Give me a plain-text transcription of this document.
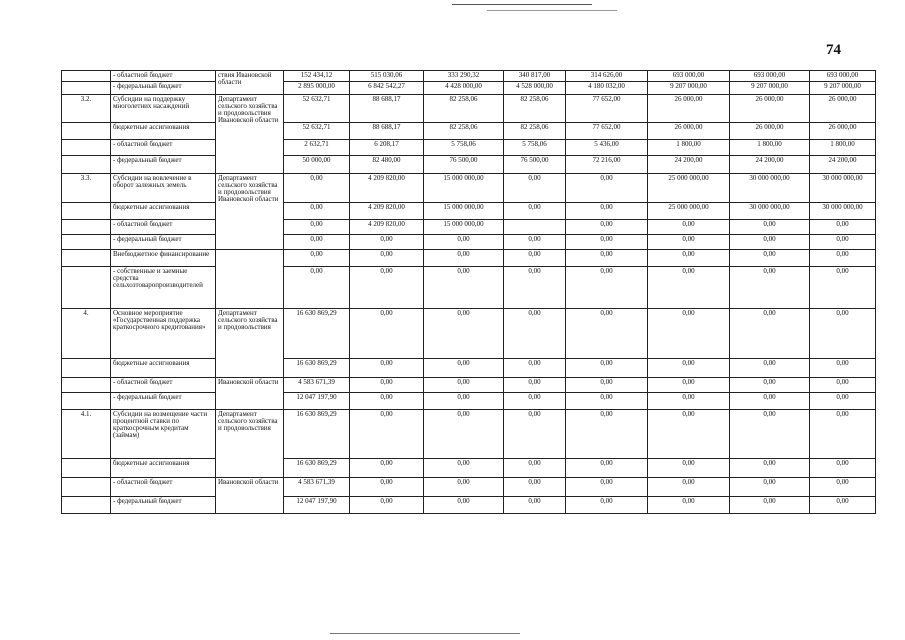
74
	- областной бюджет	ствия Ивановской области	152 434,12	515 030,06	333 290,32	340 817,00	314 626,00	693 000,00	693 000,00	693 000,00
	- федеральный бюджет		2 895 000,00	6 842 542,27	4 428 000,00	4 528 000,00	4 180 032,00	9 207 000,00	9 207 000,00	9 207 000,00
3.2.	Субсидии на поддержку многолетних насаждений	Департамент сельского хозяйства и продовольствия Ивановской области	52 632,71	88 688,17	82 258,06	82 258,06	77 652,00	26 000,00	26 000,00	26 000,00
	бюджетные ассигнования		52 632,71	88 688,17	82 258,06	82 258,06	77 652,00	26 000,00	26 000,00	26 000,00
	- областной бюджет		2 632,71	6 208,17	5 758,06	5 758,06	5 436,00	1 800,00	1 800,00	1 800,00
	- федеральный бюджет		50 000,00	82 480,00	76 500,00	76 500,00	72 216,00	24 200,00	24 200,00	24 200,00
3.3.	Субсидии на вовлечение в оборот залежных земель	Департамент сельского хозяйства и продовольствия Ивановской области	0,00	4 209 820,00	15 000 000,00	0,00	0,00	25 000 000,00	30 000 000,00	30 000 000,00
	бюджетные ассигнования		0,00	4 209 820,00	15 000 000,00	0,00	0,00	25 000 000,00	30 000 000,00	30 000 000,00
	- областной бюджет		0,00	4 209 820,00	15 000 000,00		0,00	0,00	0,00	0,00
	- федеральный бюджет		0,00	0,00	0,00	0,00	0,00	0,00	0,00	0,00
	Внебюджетное финансирование		0,00	0,00	0,00	0,00	0,00	0,00	0,00	0,00
	- собственные и заемные средства сельхозтоваропроизводителей		0,00	0,00	0,00	0,00	0,00	0,00	0,00	0,00
4.	Основное мероприятие «Государственная поддержка краткосрочного кредитования»	Департамент сельского хозяйства и продовольствия	16 630 869,29	0,00	0,00	0,00	0,00	0,00	0,00	0,00
	бюджетные ассигнования		16 630 869,29	0,00	0,00	0,00	0,00	0,00	0,00	0,00
	- областной бюджет	Ивановской области	4 583 671,39	0,00	0,00	0,00	0,00	0,00	0,00	0,00
	- федеральный бюджет		12 047 197,90	0,00	0,00	0,00	0,00	0,00	0,00	0,00
4.1.	Субсидии на возмещение части процентной ставки по краткосрочным кредитам (займам)	Департамент сельского хозяйства и продовольствия	16 630 869,29	0,00	0,00	0,00	0,00	0,00	0,00	0,00
	бюджетные ассигнования		16 630 869,29	0,00	0,00	0,00	0,00	0,00	0,00	0,00
	- областной бюджет	Ивановской области	4 583 671,39	0,00	0,00	0,00	0,00	0,00	0,00	0,00
	- федеральный бюджет		12 047 197,90	0,00	0,00	0,00	0,00	0,00	0,00	0,00
